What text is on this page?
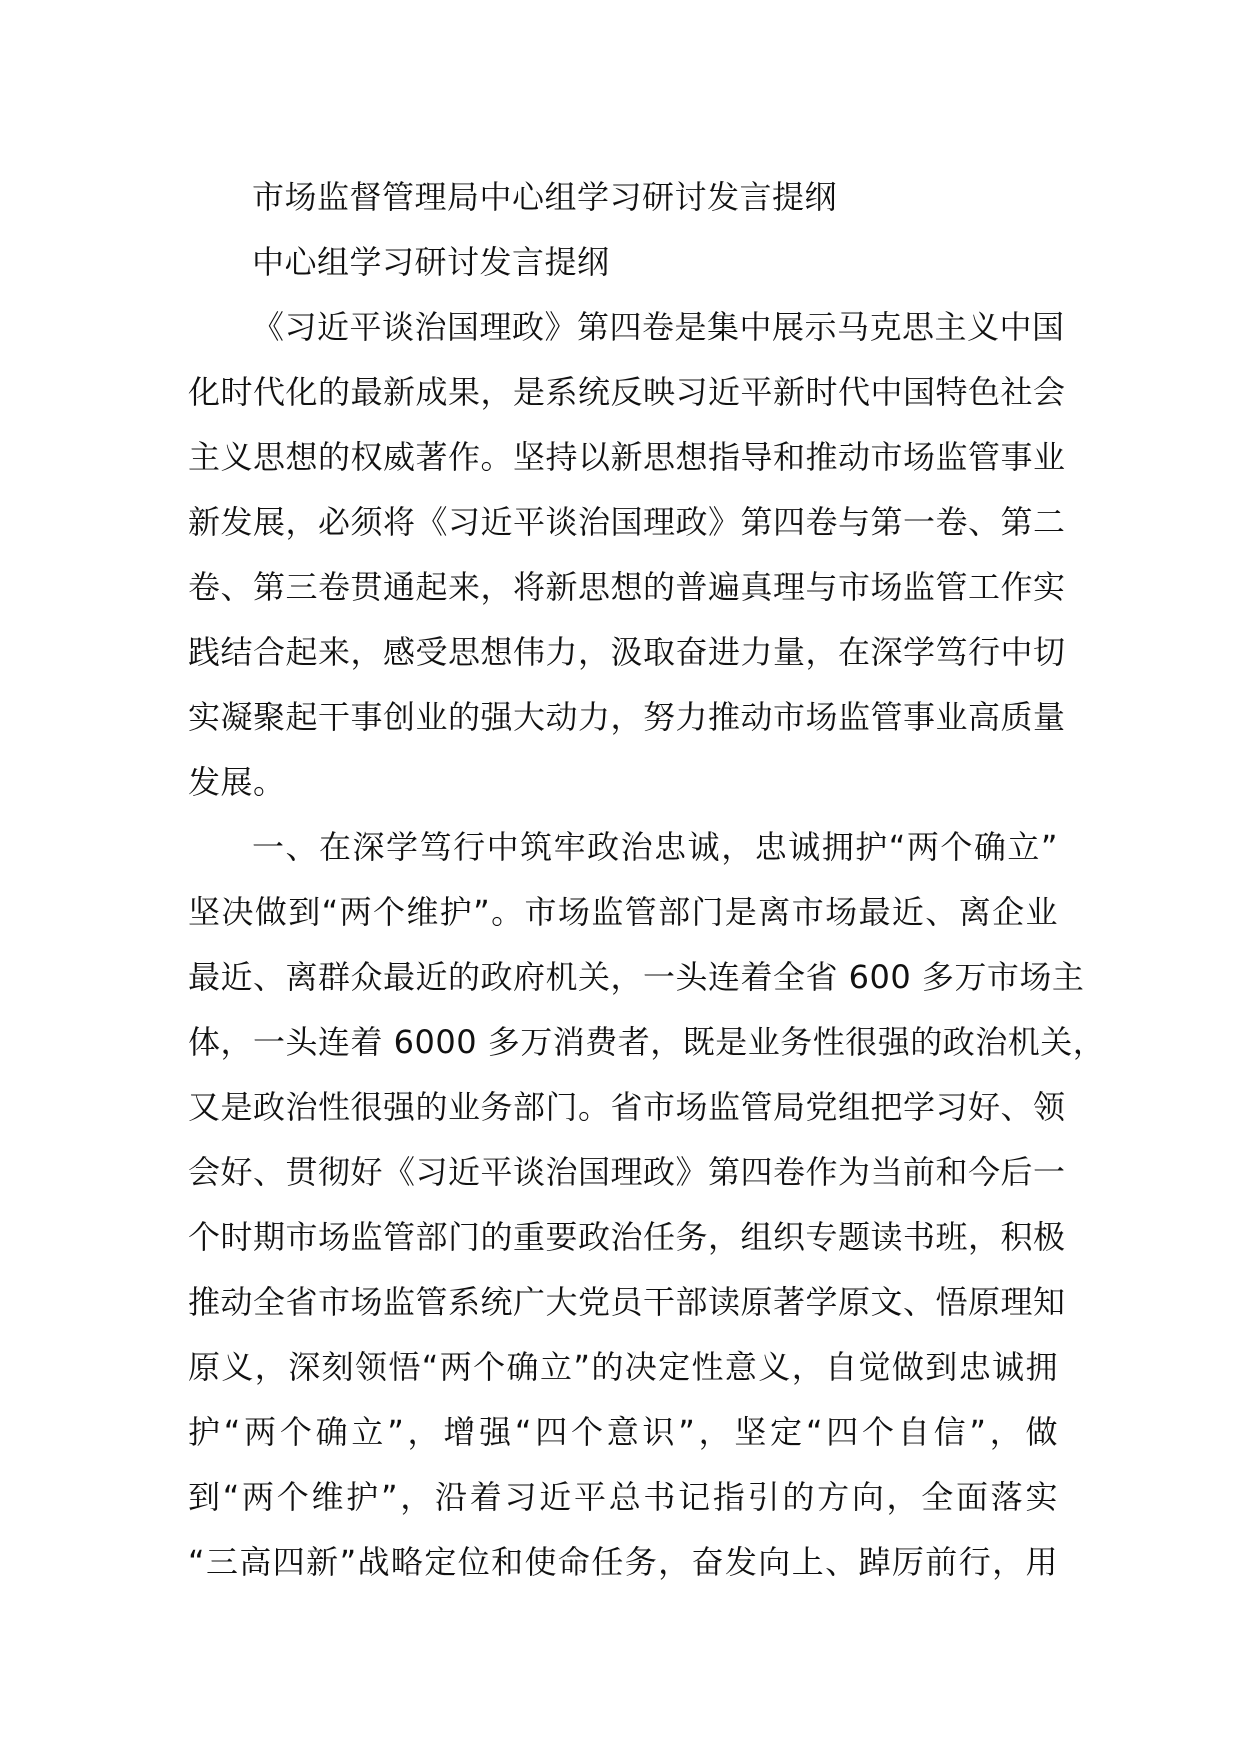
市场监督管理局中心组学习研讨发言提纲
中心组学习研讨发言提纲
《习近平谈治国理政》第四卷是集中展示马克思主义中国
化时代化的最新成果，是系统反映习近平新时代中国特色社会
主义思想的权威著作。坚持以新思想指导和推动市场监管事业
新发展，必须将《习近平谈治国理政》第四卷与第一卷、第二
卷、第三卷贯通起来，将新思想的普遍真理与市场监管工作实
践结合起来，感受思想伟力，汲取奋进力量，在深学笃行中切
实凝聚起干事创业的强大动力，努力推动市场监管事业高质量
发展。
一、在深学笃行中筑牢政治忠诚，忠诚拥护“两个确立”
坚决做到“两个维护”。市场监管部门是离市场最近、离企业
最近、离群众最近的政府机关，一头连着全省 600 多万市场主
体，一头连着 6000 多万消费者，既是业务性很强的政治机关，
又是政治性很强的业务部门。省市场监管局党组把学习好、领
会好、贯彻好《习近平谈治国理政》第四卷作为当前和今后一
个时期市场监管部门的重要政治任务，组织专题读书班，积极
推动全省市场监管系统广大党员干部读原著学原文、悟原理知
原义，深刻领悟“两个确立”的决定性意义，自觉做到忠诚拥
护“两个确立”，增强“四个意识”，坚定“四个自信”，做
到“两个维护”，沿着习近平总书记指引的方向，全面落实
“三高四新”战略定位和使命任务，奋发向上、踔厉前行，用
